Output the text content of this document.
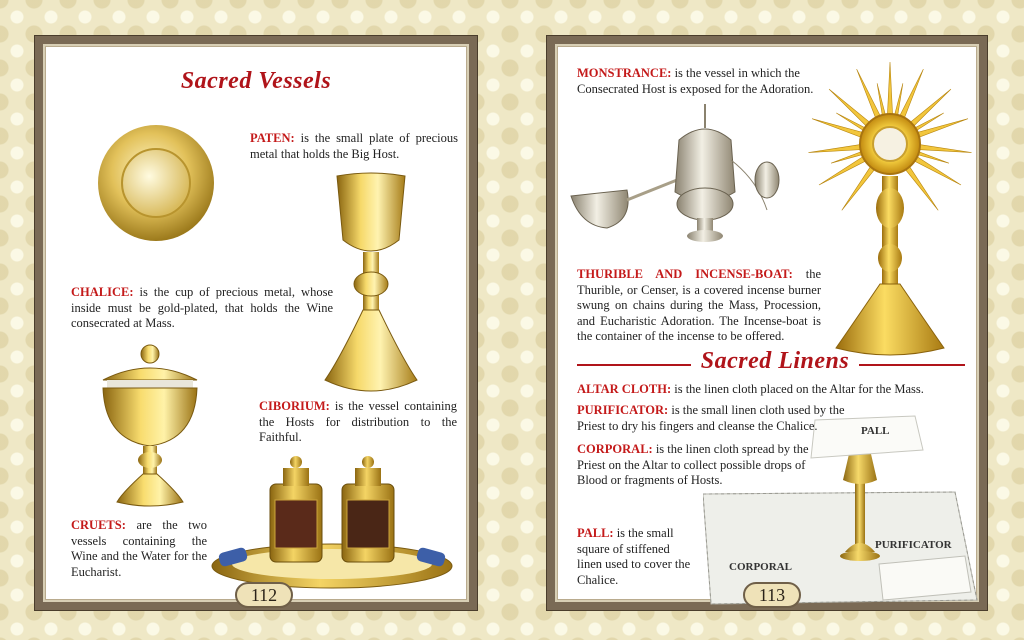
Sacred Vessels
PATEN: is the small plate of precious metal that holds the Big Host.
CHALICE: is the cup of precious metal, whose inside must be gold-plated, that holds the Wine consecrated at Mass.
CIBORIUM: is the vessel containing the Hosts for distribution to the Faithful.
CRUETS: are the two vessels containing the Wine and the Water for the Eucharist.
112
MONSTRANCE: is the vessel in which the Consecrated Host is exposed for the Adoration.
THURIBLE AND INCENSE-BOAT: the Thurible, or Censer, is a covered incense burner swung on chains during the Mass, Procession, and Eucharistic Adoration. The Incense-boat is the container of the incense to be offered.
Sacred Linens
ALTAR CLOTH: is the linen cloth placed on the Altar for the Mass.
PALL
PURIFICATOR
CORPORAL
PURIFICATOR: is the small linen cloth used by the Priest to dry his fingers and cleanse the Chalice.
CORPORAL: is the linen cloth spread by the Priest on the Altar to collect possible drops of Blood or fragments of Hosts.
PALL: is the small square of stiffened linen used to cover the Chalice.
113
